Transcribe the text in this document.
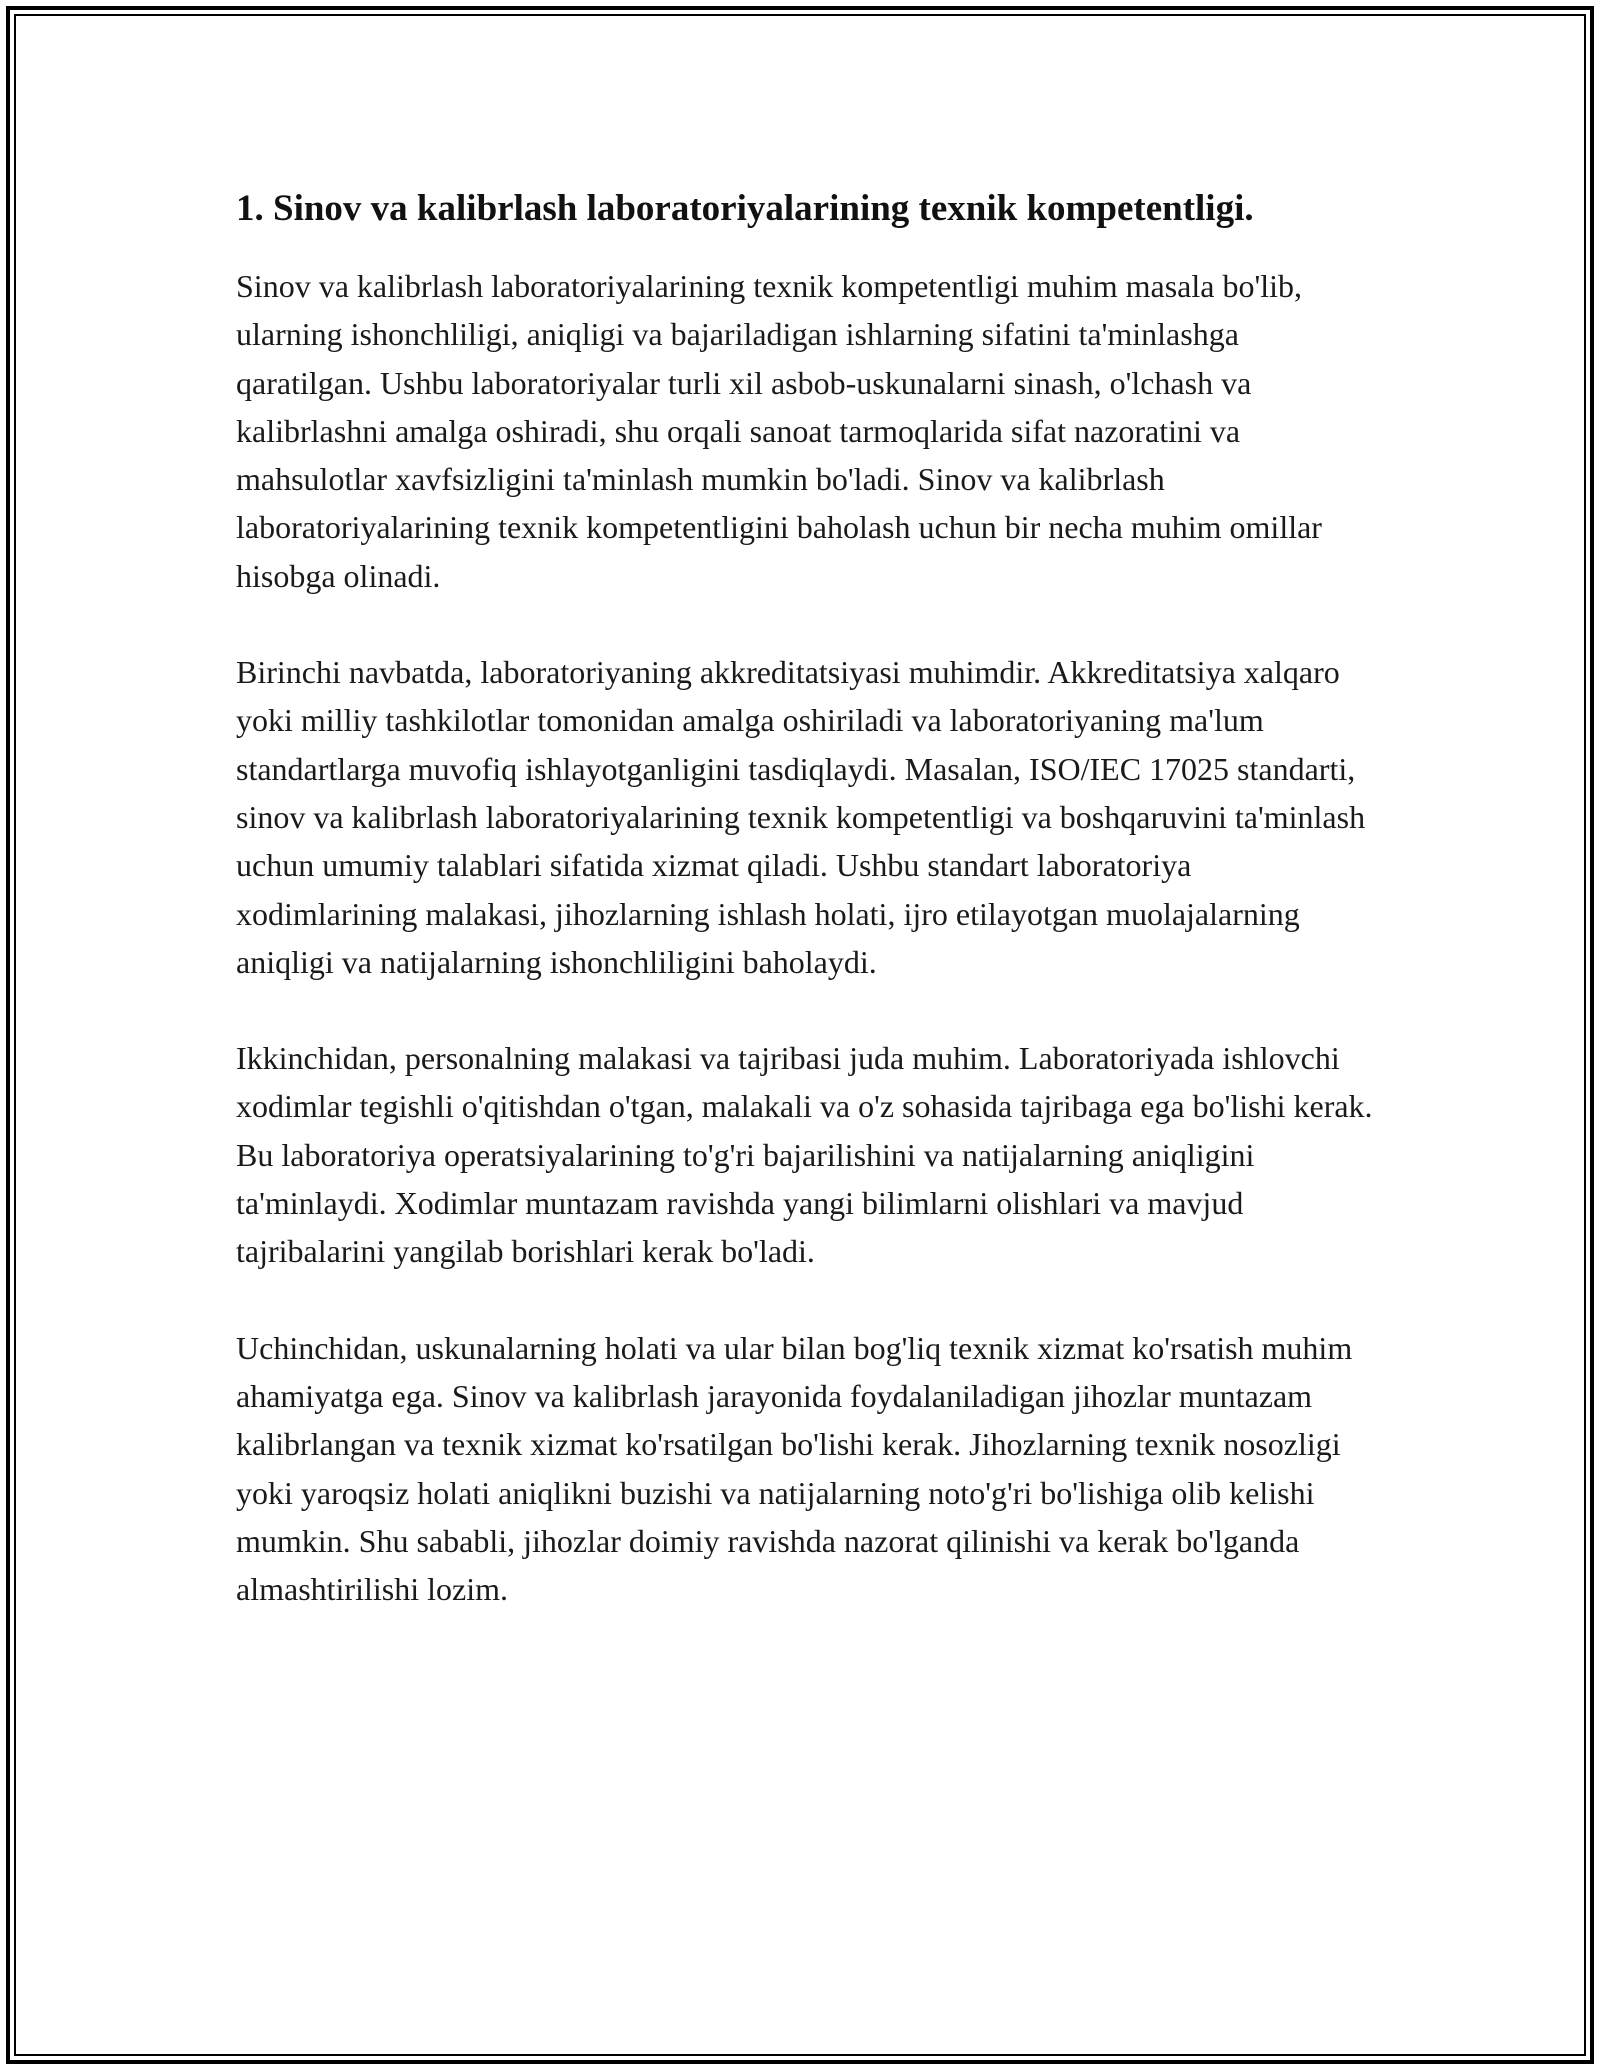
1. Sinov va kalibrlash laboratoriyalarining texnik kompetentligi.

Sinov va kalibrlash laboratoriyalarining texnik kompetentligi muhim masala bo'lib, ularning ishonchliligi, aniqligi va bajariladigan ishlarning sifatini ta'minlashga qaratilgan. Ushbu laboratoriyalar turli xil asbob-uskunalarni sinash, o'lchash va kalibrlashni amalga oshiradi, shu orqali sanoat tarmoqlarida sifat nazoratini va mahsulotlar xavfsizligini ta'minlash mumkin bo'ladi. Sinov va kalibrlash laboratoriyalarining texnik kompetentligini baholash uchun bir necha muhim omillar hisobga olinadi.

Birinchi navbatda, laboratoriyaning akkreditatsiyasi muhimdir. Akkreditatsiya xalqaro yoki milliy tashkilotlar tomonidan amalga oshiriladi va laboratoriyaning ma'lum standartlarga muvofiq ishlayotganligini tasdiqlaydi. Masalan, ISO/IEC 17025 standarti, sinov va kalibrlash laboratoriyalarining texnik kompetentligi va boshqaruvini ta'minlash uchun umumiy talablari sifatida xizmat qiladi. Ushbu standart laboratoriya xodimlarining malakasi, jihozlarning ishlash holati, ijro etilayotgan muolajalarning aniqligi va natijalarning ishonchliligini baholaydi.

Ikkinchidan, personalning malakasi va tajribasi juda muhim. Laboratoriyada ishlovchi xodimlar tegishli o'qitishdan o'tgan, malakali va o'z sohasida tajribaga ega bo'lishi kerak. Bu laboratoriya operatsiyalarining to'g'ri bajarilishini va natijalarning aniqligini ta'minlaydi. Xodimlar muntazam ravishda yangi bilimlarni olishlari va mavjud tajribalarini yangilab borishlari kerak bo'ladi.

Uchinchidan, uskunalarning holati va ular bilan bog'liq texnik xizmat ko'rsatish muhim ahamiyatga ega. Sinov va kalibrlash jarayonida foydalaniladigan jihozlar muntazam kalibrlangan va texnik xizmat ko'rsatilgan bo'lishi kerak. Jihozlarning texnik nosozligi yoki yaroqsiz holati aniqlikni buzishi va natijalarning noto'g'ri bo'lishiga olib kelishi mumkin. Shu sababli, jihozlar doimiy ravishda nazorat qilinishi va kerak bo'lganda almashtirilishi lozim.
